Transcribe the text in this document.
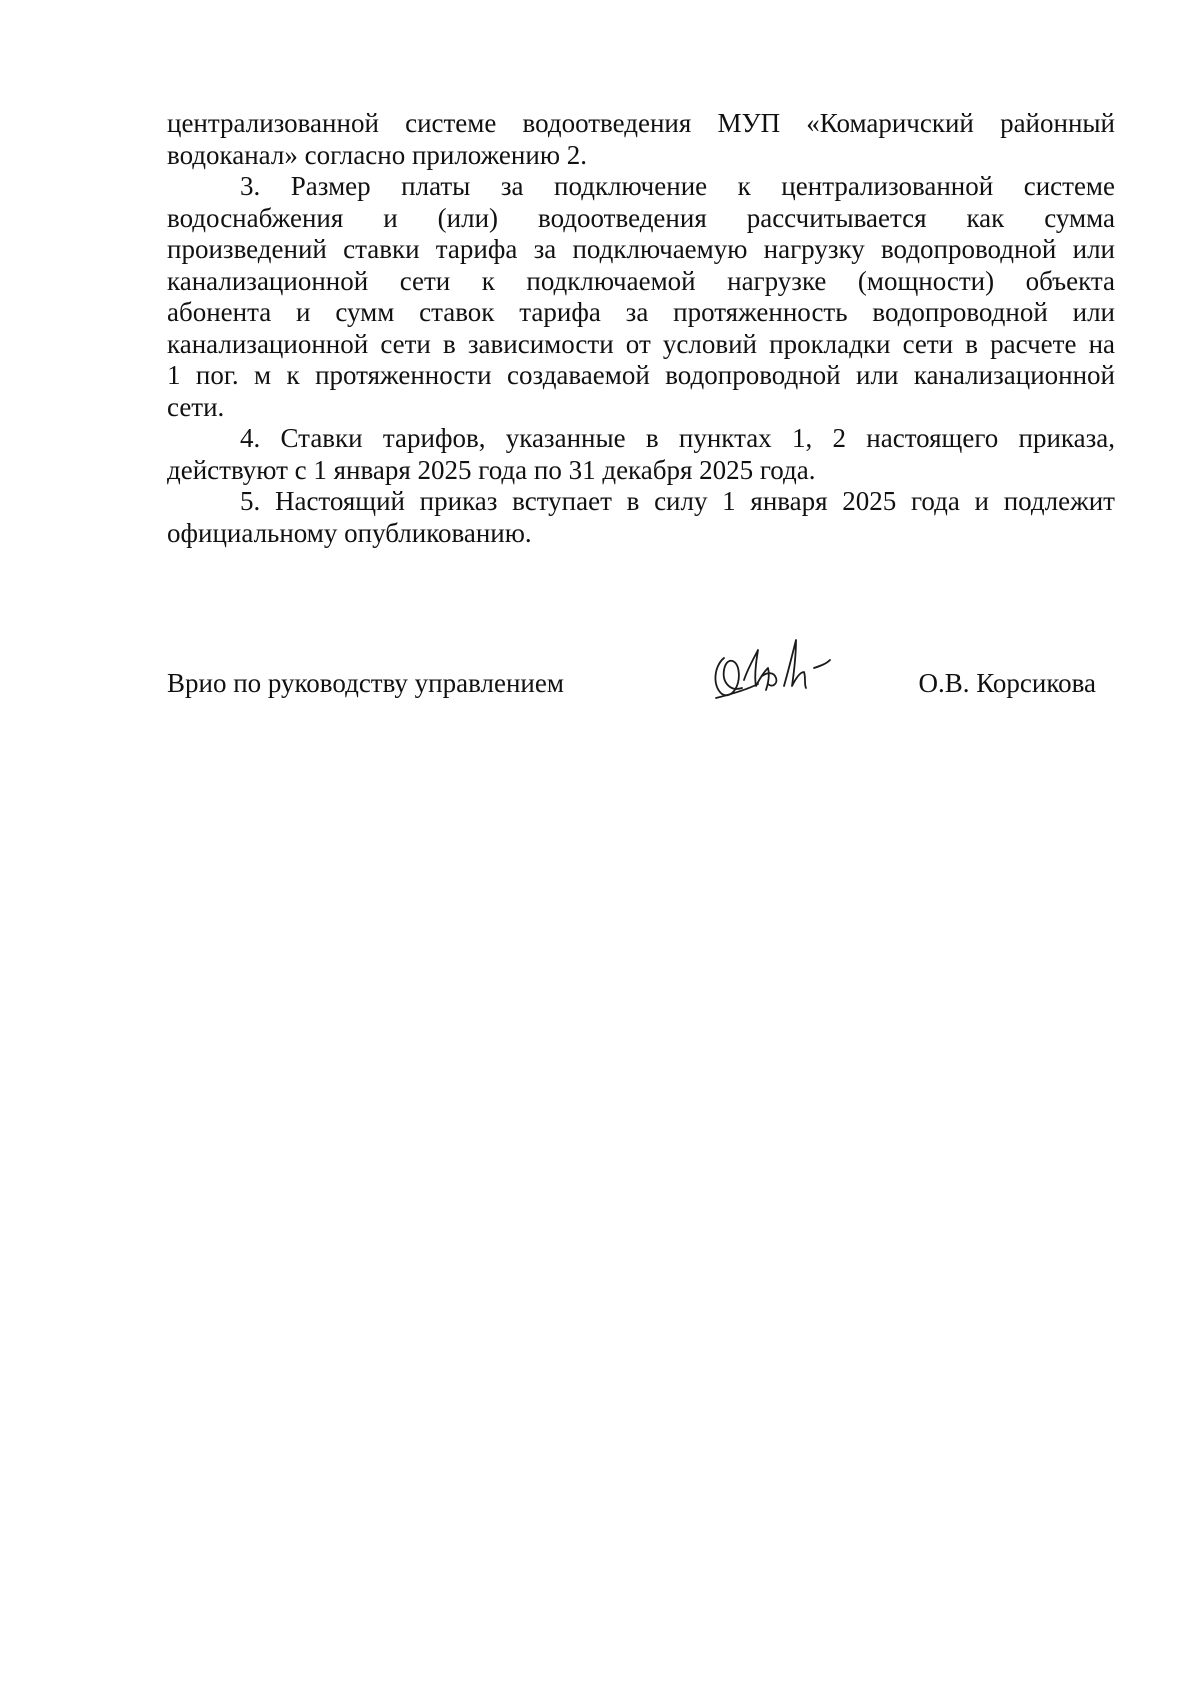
централизованной системе водоотведения МУП «Комаричский районный
водоканал» согласно приложению 2.

3. Размер платы за подключение к централизованной системе
водоснабжения и (или) водоотведения рассчитывается как сумма
произведений ставки тарифа за подключаемую нагрузку водопроводной или
канализационной сети к подключаемой нагрузке (мощности) объекта
абонента и сумм ставок тарифа за протяженность водопроводной или
канализационной сети в зависимости от условий прокладки сети в расчете на
1 пог. м к протяженности создаваемой водопроводной или канализационной
сети.

4. Ставки тарифов, указанные в пунктах 1, 2 настоящего приказа,
действуют с 1 января 2025 года по 31 декабря 2025 года.

5. Настоящий приказ вступает в силу 1 января 2025 года и подлежит
официальному опубликованию.

Врио по руководству управлением	О.В. Корсикова
